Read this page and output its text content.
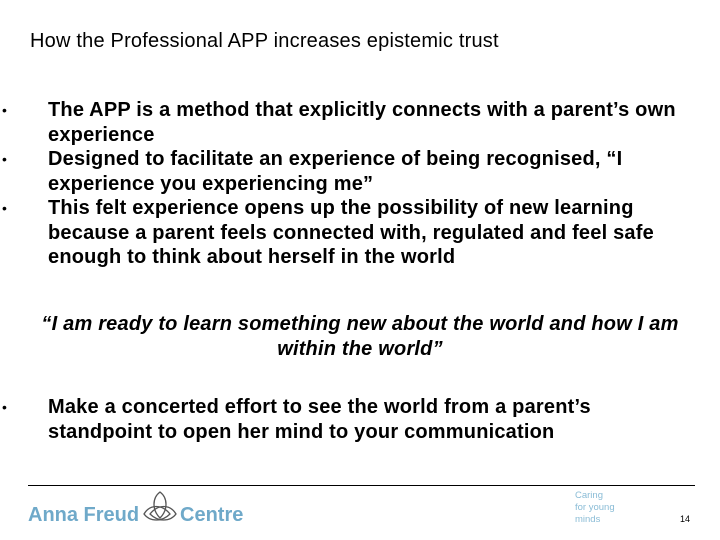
How the Professional APP increases epistemic trust
• The APP is a method that explicitly connects with a parent’s own experience
• Designed to facilitate an experience of being recognised, “I experience you experiencing me”
• This felt experience opens up the possibility of new learning because a parent feels connected with, regulated and feel safe enough to think about herself in the world
“I am ready to learn something new about the world and how I am within the world”
• Make a concerted effort to see the world from a parent’s standpoint to open her mind to your communication
Anna Freud Centre
Caring
for young
minds	14
